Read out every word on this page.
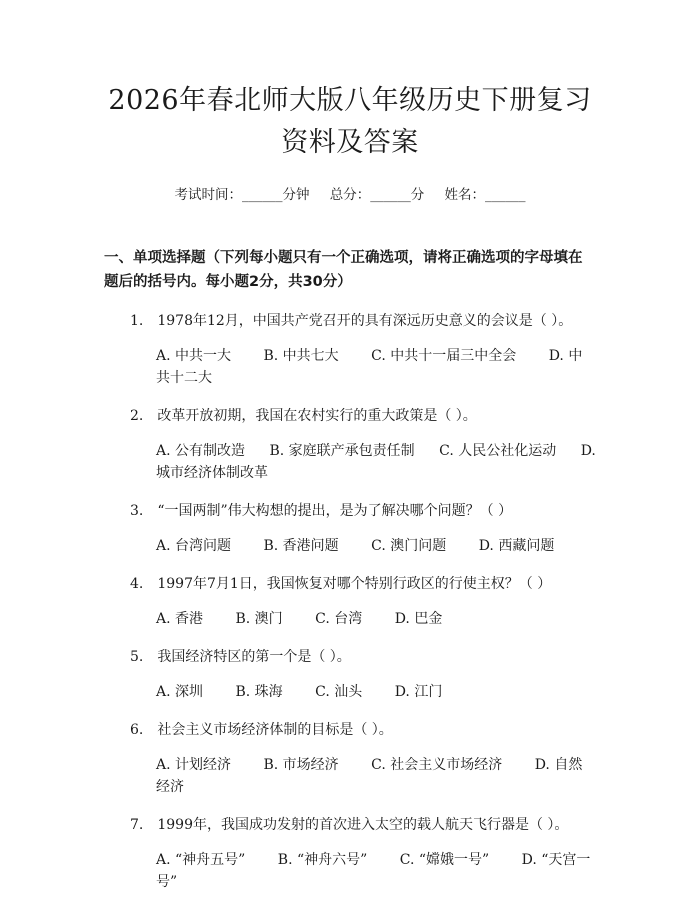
2026年春北师大版八年级历史下册复习资料及答案
考试时间：______分钟 总分：______分 姓名：______
一、单项选择题（下列每小题只有一个正确选项，请将正确选项的字母填在题后的括号内。每小题2分，共30分）
1.　1978年12月，中国共产党召开的具有深远历史意义的会议是（ ）。
A. 中共一大 B. 中共七大 C. 中共十一届三中全会 D. 中共十二大
2.　改革开放初期，我国在农村实行的重大政策是（ ）。
A. 公有制改造 B. 家庭联产承包责任制 C. 人民公社化运动 D. 城市经济体制改革
3.　“一国两制”伟大构想的提出，是为了解决哪个问题？（ ）
A. 台湾问题 B. 香港问题 C. 澳门问题 D. 西藏问题
4.　1997年7月1日，我国恢复对哪个特别行政区的行使主权？（ ）
A. 香港 B. 澳门 C. 台湾 D. 巴金
5.　我国经济特区的第一个是（ ）。
A. 深圳 B. 珠海 C. 汕头 D. 江门
6.　社会主义市场经济体制的目标是（ ）。
A. 计划经济 B. 市场经济 C. 社会主义市场经济 D. 自然经济
7.　1999年，我国成功发射的首次进入太空的载人航天飞行器是（ ）。
A. “神舟五号” B. “神舟六号” C. “嫦娥一号” D. “天宫一号”
